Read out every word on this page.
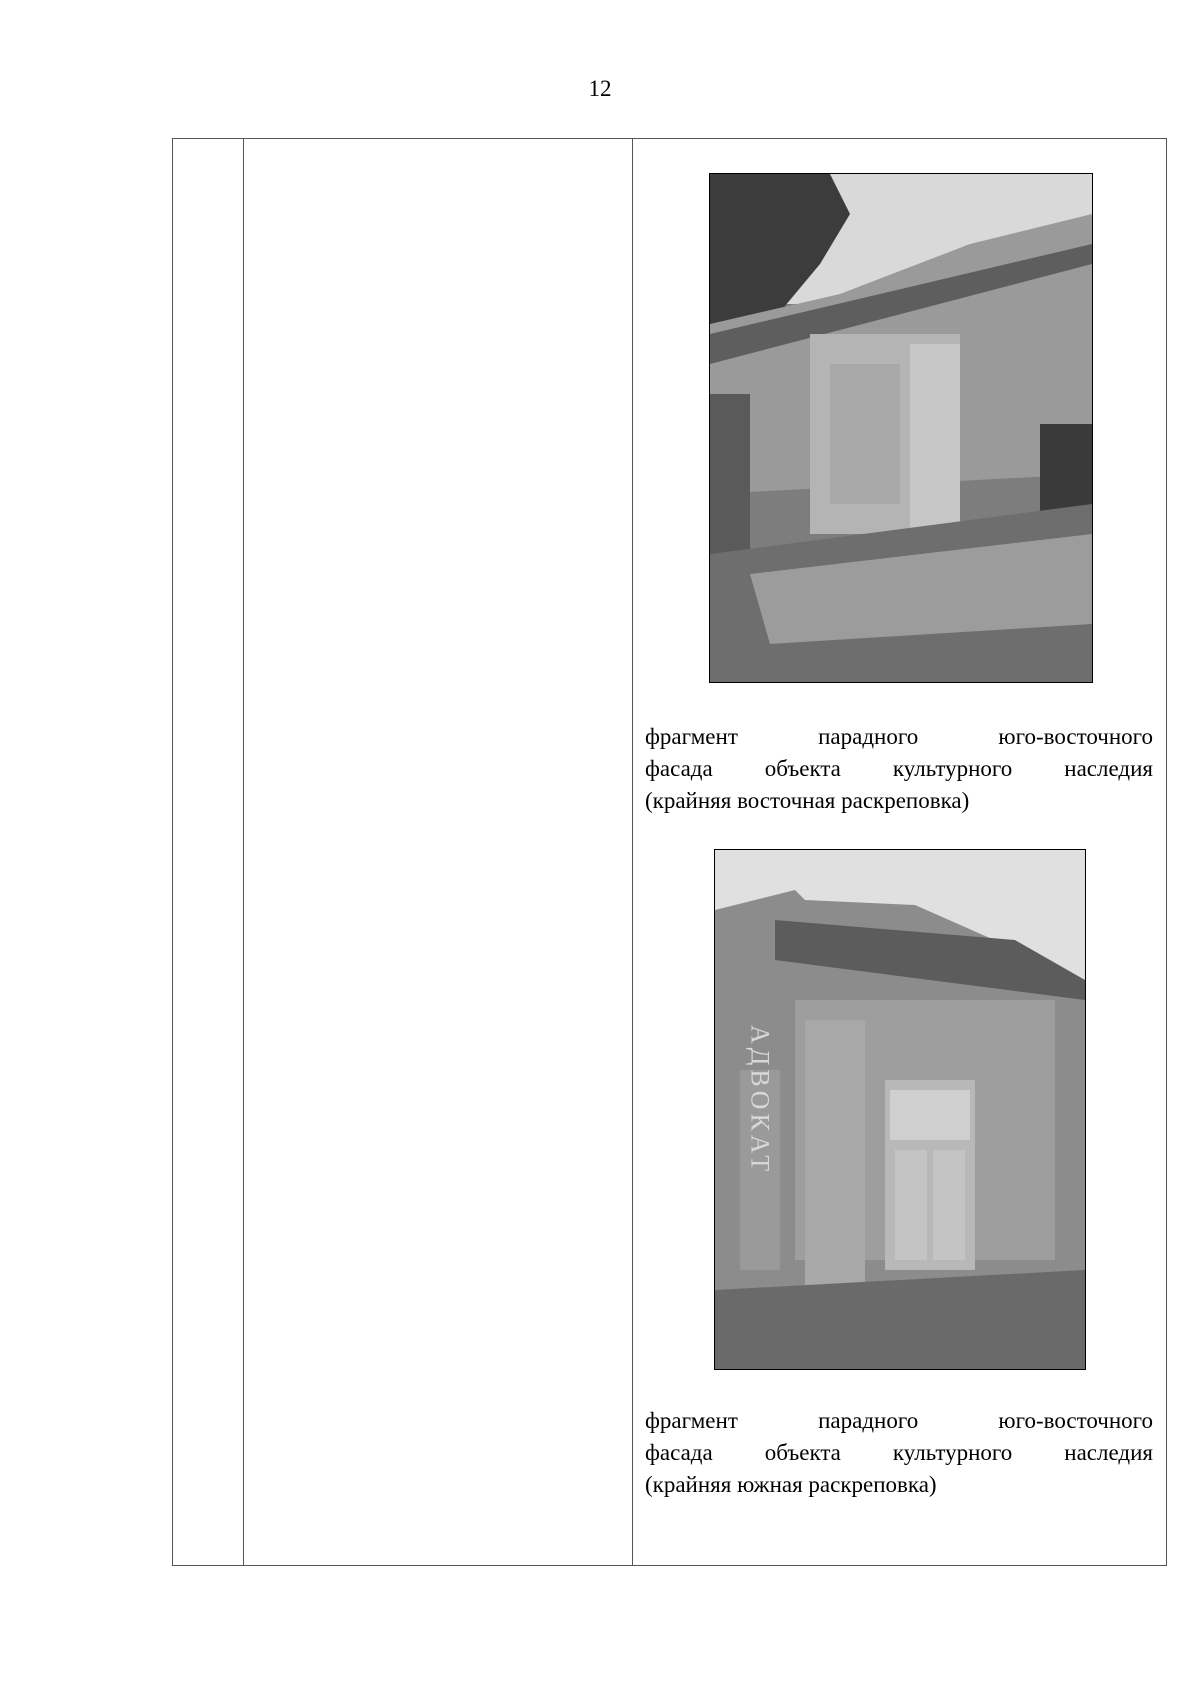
12

фрагмент парадного юго-восточного
фасада объекта культурного наследия
(крайняя восточная раскреповка)
АДВОКАТ
фрагмент парадного юго-восточного
фасада объекта культурного наследия
(крайняя южная раскреповка)
